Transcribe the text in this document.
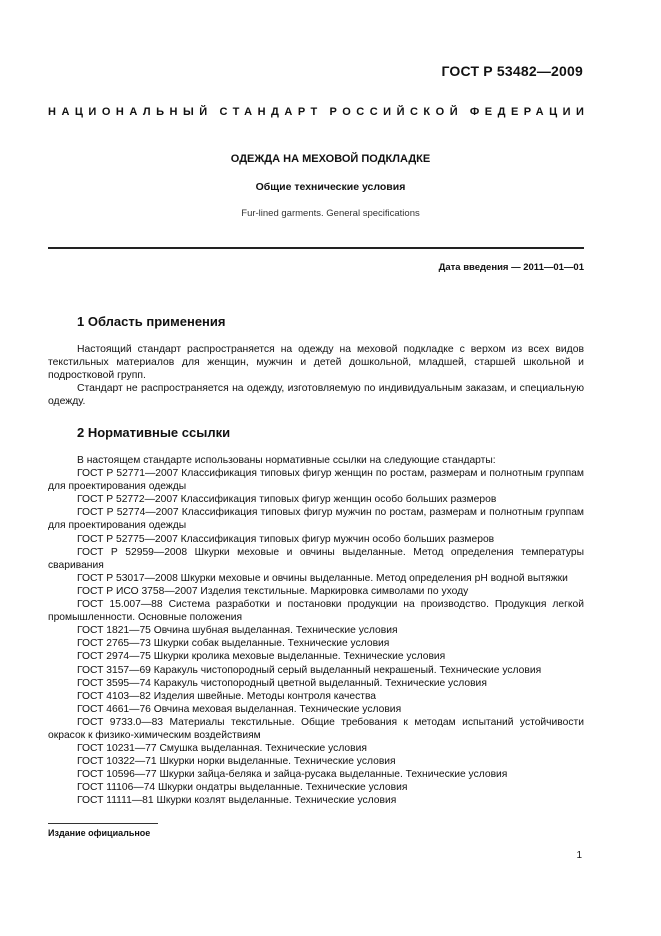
ГОСТ Р 53482—2009
НАЦИОНАЛЬНЫЙ СТАНДАРТ РОССИЙСКОЙ ФЕДЕРАЦИИ
ОДЕЖДА НА МЕХОВОЙ ПОДКЛАДКЕ
Общие технические условия
Fur-lined garments. General specifications
Дата введения — 2011—01—01
1 Область применения

Настоящий стандарт распространяется на одежду на меховой подкладке с верхом из всех видов текстильных материалов для женщин, мужчин и детей дошкольной, младшей, старшей школьной и подростковой групп.

Стандарт не распространяется на одежду, изготовляемую по индивидуальным заказам, и специальную одежду.

2 Нормативные ссылки

В настоящем стандарте использованы нормативные ссылки на следующие стандарты:

ГОСТ Р 52771—2007 Классификация типовых фигур женщин по ростам, размерам и полнотным группам для проектирования одежды

ГОСТ Р 52772—2007 Классификация типовых фигур женщин особо больших размеров

ГОСТ Р 52774—2007 Классификация типовых фигур мужчин по ростам, размерам и полнотным группам для проектирования одежды

ГОСТ Р 52775—2007 Классификация типовых фигур мужчин особо больших размеров

ГОСТ Р 52959—2008 Шкурки меховые и овчины выделанные. Метод определения температуры сваривания

ГОСТ Р 53017—2008 Шкурки меховые и овчины выделанные. Метод определения pH водной вытяжки

ГОСТ Р ИСО 3758—2007 Изделия текстильные. Маркировка символами по уходу

ГОСТ 15.007—88 Система разработки и постановки продукции на производство. Продукция легкой промышленности. Основные положения

ГОСТ 1821—75 Овчина шубная выделанная. Технические условия

ГОСТ 2765—73 Шкурки собак выделанные. Технические условия

ГОСТ 2974—75 Шкурки кролика меховые выделанные. Технические условия

ГОСТ 3157—69 Каракуль чистопородный серый выделанный некрашеный. Технические условия

ГОСТ 3595—74 Каракуль чистопородный цветной выделанный. Технические условия

ГОСТ 4103—82 Изделия швейные. Методы контроля качества

ГОСТ 4661—76 Овчина меховая выделанная. Технические условия

ГОСТ 9733.0—83 Материалы текстильные. Общие требования к методам испытаний устойчивости окрасок к физико-химическим воздействиям

ГОСТ 10231—77 Смушка выделанная. Технические условия

ГОСТ 10322—71 Шкурки норки выделанные. Технические условия

ГОСТ 10596—77 Шкурки зайца-беляка и зайца-русака выделанные. Технические условия

ГОСТ 11106—74 Шкурки ондатры выделанные. Технические условия

ГОСТ 11111—81 Шкурки козлят выделанные. Технические условия

Издание официальное
1
